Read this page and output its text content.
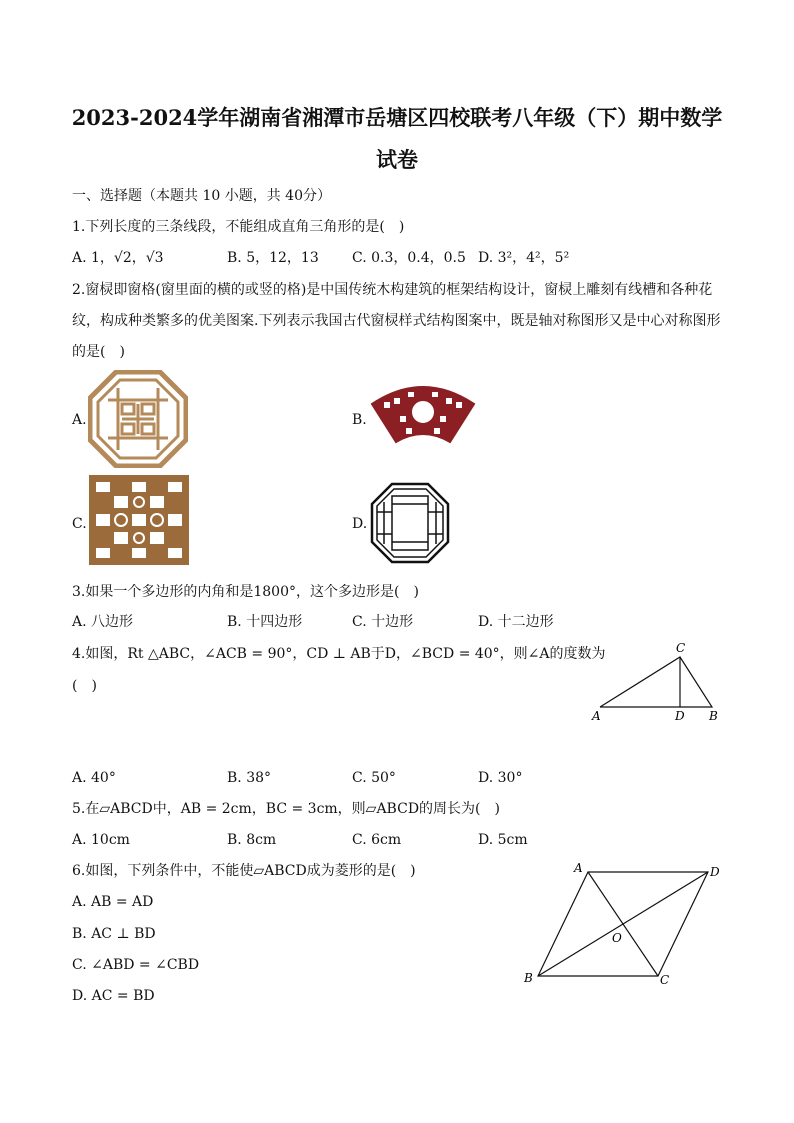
2023-2024学年湖南省湘潭市岳塘区四校联考八年级（下）期中数学
试卷
一、选择题（本题共 10 小题，共 40分）
1.下列长度的三条线段，不能组成直角三角形的是(　)
A. 1，√2，√3	B. 5，12，13 C. 0.3，0.4，0.5 D. 3²，4²，5²
2.窗棂即窗格(窗里面的横的或竖的格)是中国传统木构建筑的框架结构设计，窗棂上雕刻有线槽和各种花
纹，构成种类繁多的优美图案.下列表示我国古代窗棂样式结构图案中，既是轴对称图形又是中心对称图形
的是(　)
A.	B.
C.	D.
3.如果一个多边形的内角和是1800°，这个多边形是(　)
A. 八边形	B. 十四边形	C. 十边形	D. 十二边形
4.如图，Rt △ABC，∠ACB = 90°，CD ⊥ AB于D，∠BCD = 40°，则∠A的度数为
(　)
A
C
D B
A. 40°	B. 38°	C. 50°	D. 30°
5.在▱ABCD中，AB = 2cm，BC = 3cm，则▱ABCD的周长为(　)
A. 10cm	B. 8cm	C. 6cm	D. 5cm
6.如图，下列条件中，不能使▱ABCD成为菱形的是(　)
A. AB = AD
B. AC ⊥ BD
C. ∠ABD = ∠CBD
D. AC = BD
A	D
B	C
O
